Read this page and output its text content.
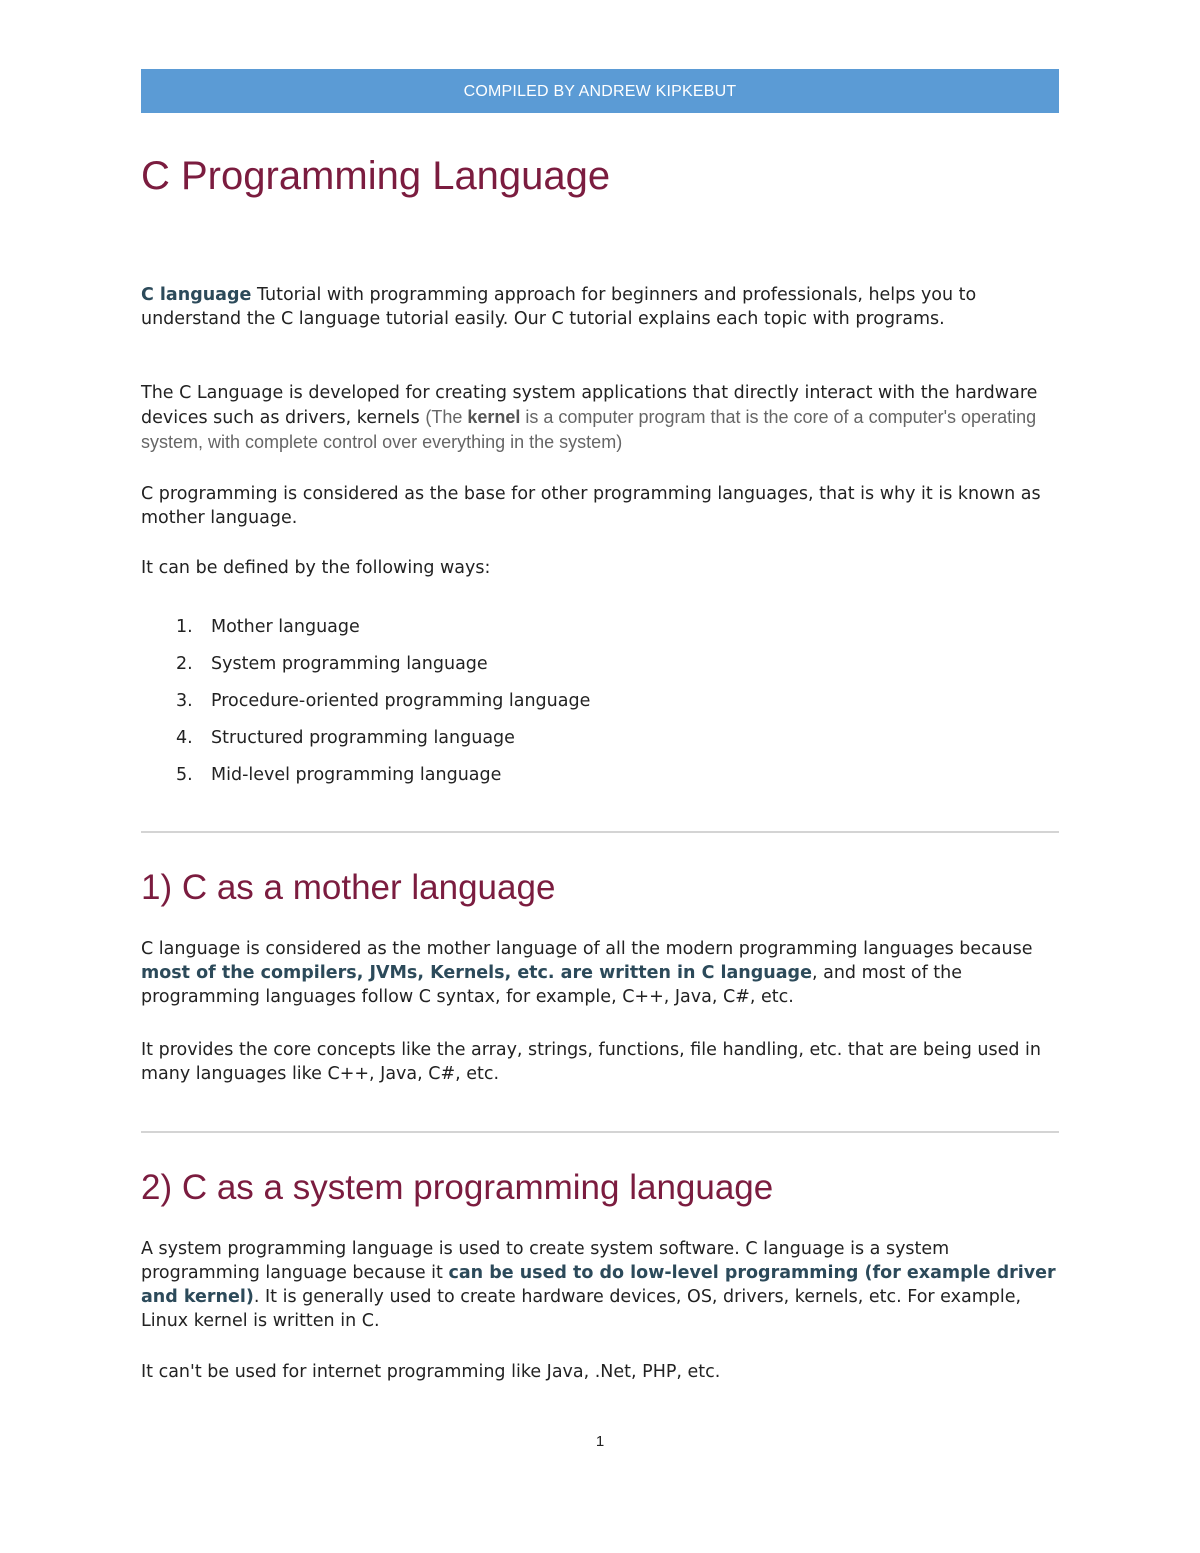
COMPILED BY ANDREW KIPKEBUT
C Programming Language

C language Tutorial with programming approach for beginners and professionals, helps you to understand the C language tutorial easily. Our C tutorial explains each topic with programs.

The C Language is developed for creating system applications that directly interact with the hardware devices such as drivers, kernels (The kernel is a computer program that is the core of a computer's operating system, with complete control over everything in the system)

C programming is considered as the base for other programming languages, that is why it is known as mother language.

It can be defined by the following ways:

1. Mother language
2. System programming language
3. Procedure-oriented programming language
4. Structured programming language
5. Mid-level programming language
1) C as a mother language

C language is considered as the mother language of all the modern programming languages because most of the compilers, JVMs, Kernels, etc. are written in C language, and most of the programming languages follow C syntax, for example, C++, Java, C#, etc.

It provides the core concepts like the array, strings, functions, file handling, etc. that are being used in many languages like C++, Java, C#, etc.

2) C as a system programming language

A system programming language is used to create system software. C language is a system programming language because it can be used to do low-level programming (for example driver and kernel). It is generally used to create hardware devices, OS, drivers, kernels, etc. For example, Linux kernel is written in C.

It can't be used for internet programming like Java, .Net, PHP, etc.

1
